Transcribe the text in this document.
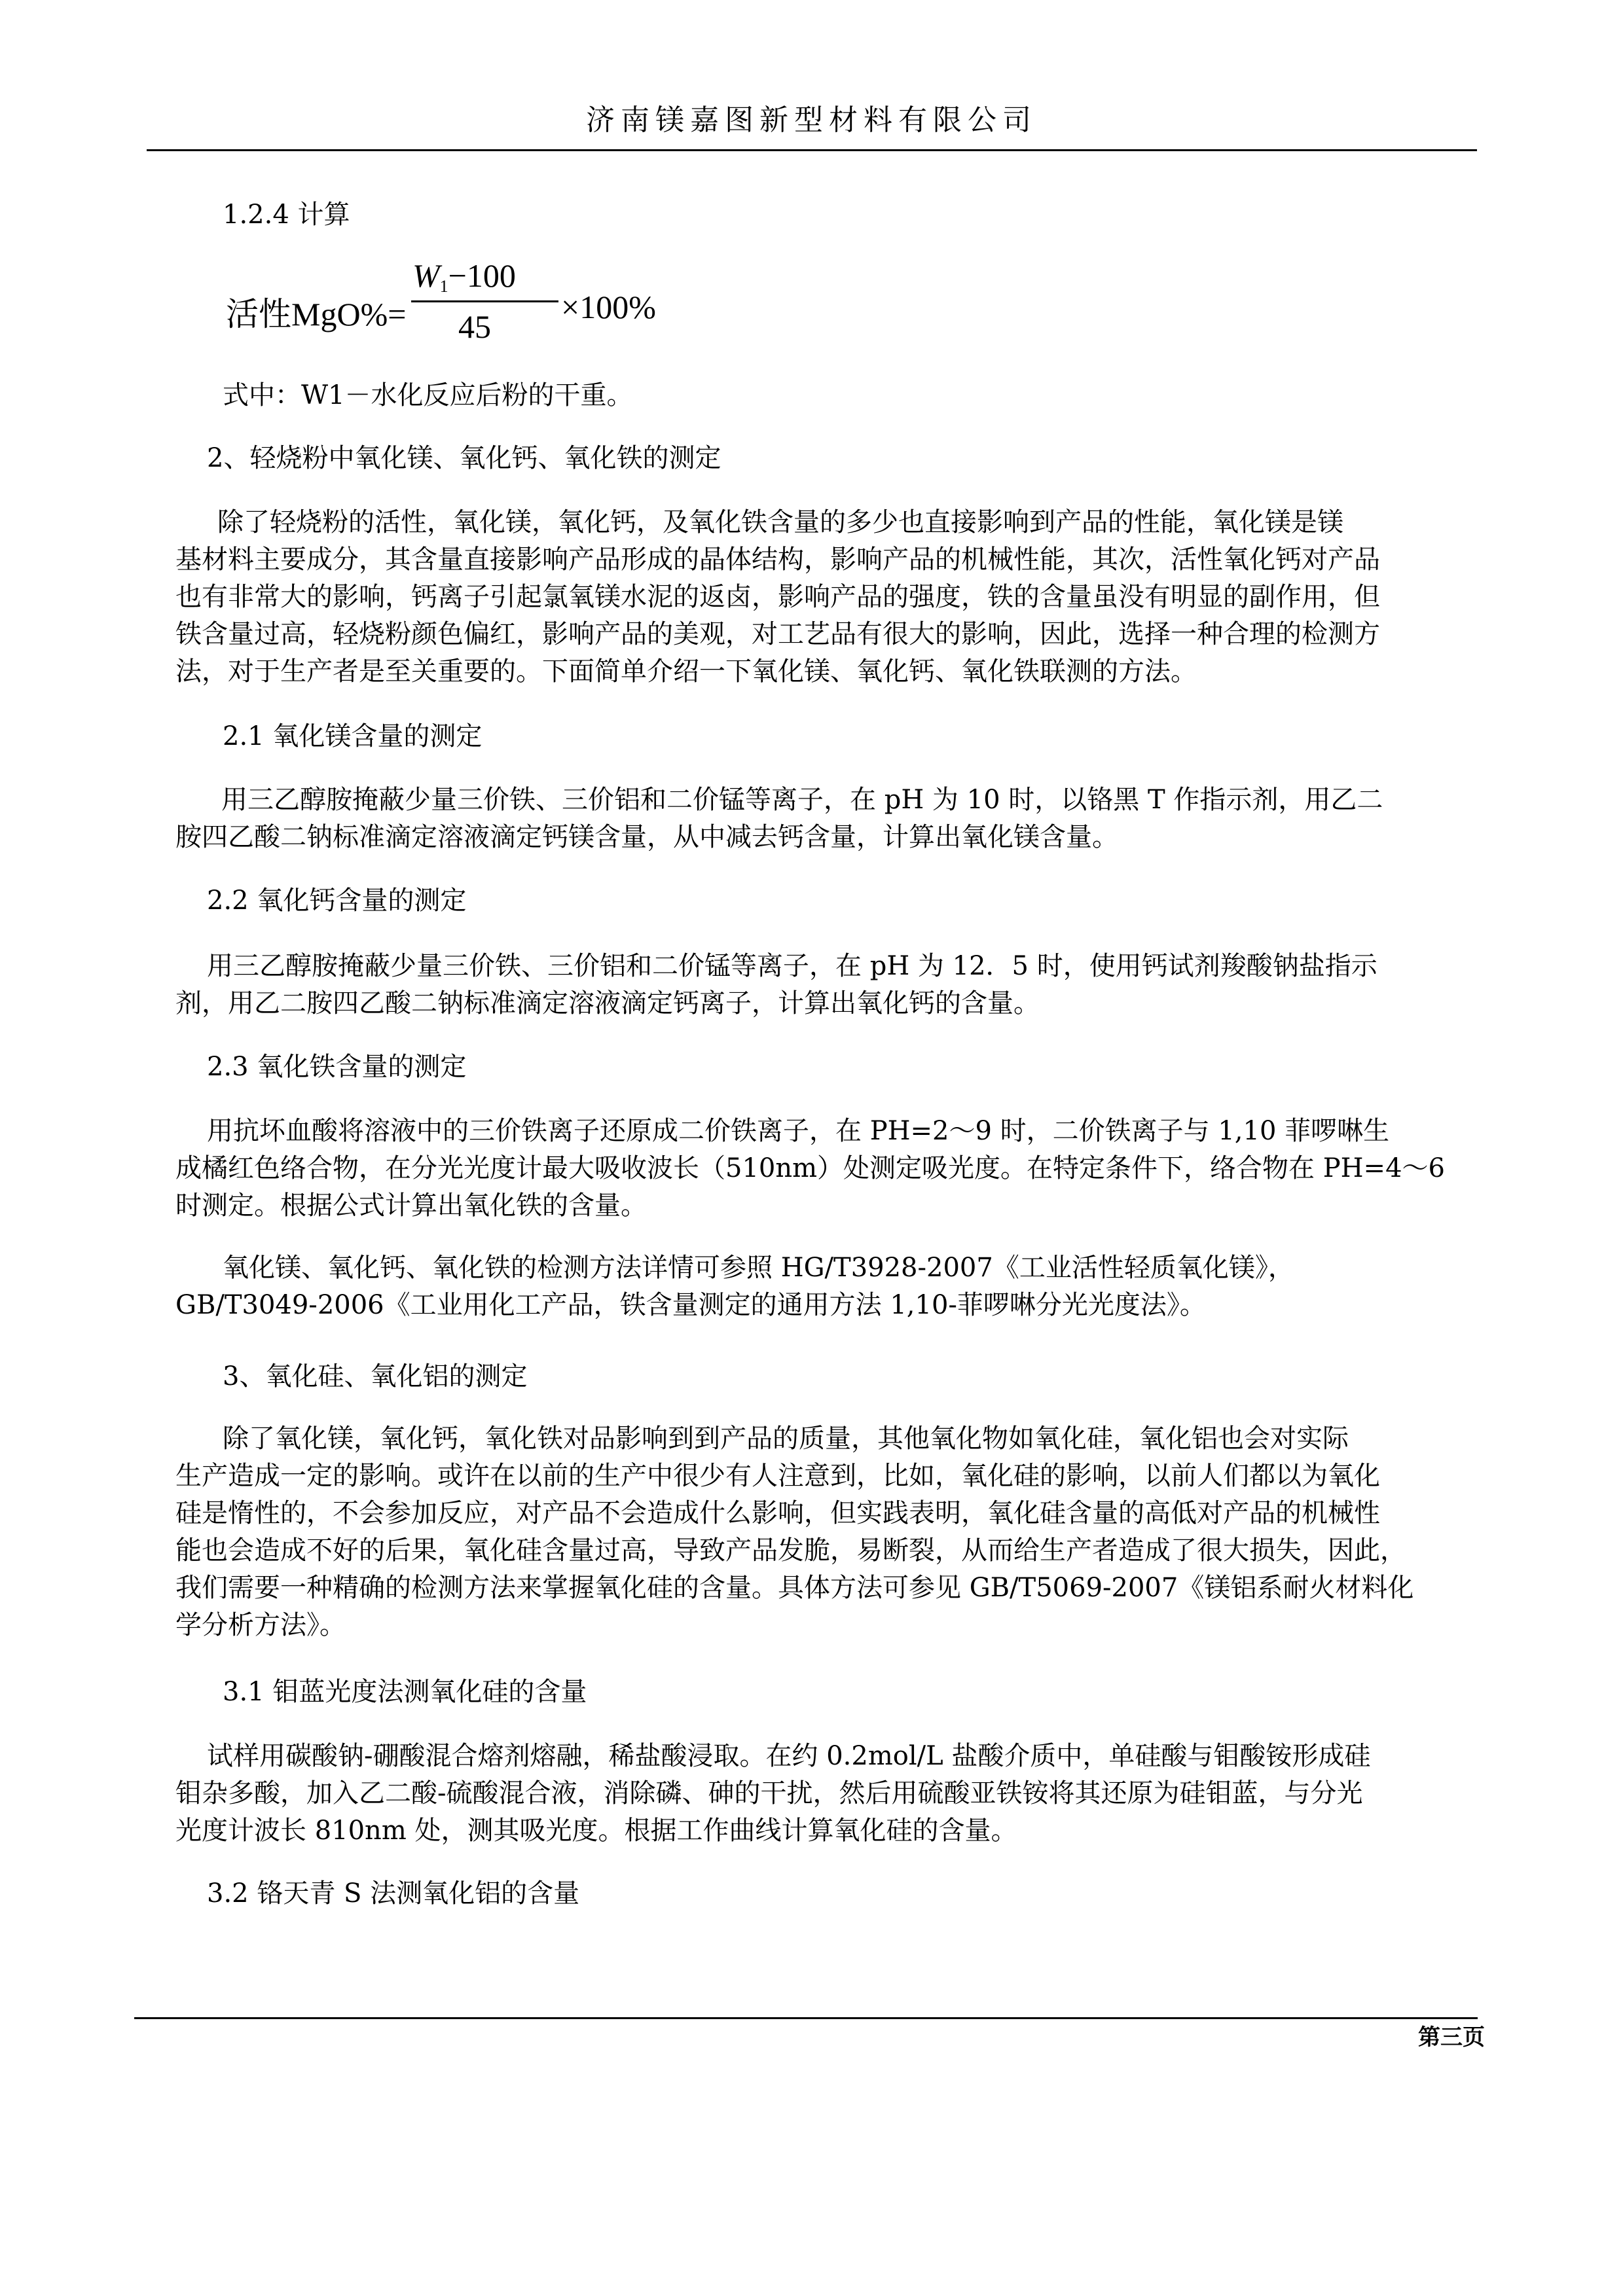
济南镁嘉图新型材料有限公司
1.2.4 计算
活性MgO%=
$W_1-100$
45
×100%
式中：W1－水化反应后粉的干重。
2、轻烧粉中氧化镁、氧化钙、氧化铁的测定
除了轻烧粉的活性，氧化镁，氧化钙，及氧化铁含量的多少也直接影响到产品的性能，氧化镁是镁
基材料主要成分，其含量直接影响产品形成的晶体结构，影响产品的机械性能，其次，活性氧化钙对产品
也有非常大的影响，钙离子引起氯氧镁水泥的返卤，影响产品的强度，铁的含量虽没有明显的副作用，但
铁含量过高，轻烧粉颜色偏红，影响产品的美观，对工艺品有很大的影响，因此，选择一种合理的检测方
法，对于生产者是至关重要的。下面简单介绍一下氧化镁、氧化钙、氧化铁联测的方法。
2.1 氧化镁含量的测定
用三乙醇胺掩蔽少量三价铁、三价铝和二价锰等离子，在 pH 为 10 时，以铬黑 T 作指示剂，用乙二
胺四乙酸二钠标准滴定溶液滴定钙镁含量，从中减去钙含量，计算出氧化镁含量。
2.2 氧化钙含量的测定
用三乙醇胺掩蔽少量三价铁、三价铝和二价锰等离子，在 pH 为 12．5 时，使用钙试剂羧酸钠盐指示
剂，用乙二胺四乙酸二钠标准滴定溶液滴定钙离子，计算出氧化钙的含量。
2.3 氧化铁含量的测定
用抗坏血酸将溶液中的三价铁离子还原成二价铁离子，在 PH=2～9 时，二价铁离子与 1,10 菲啰啉生
成橘红色络合物，在分光光度计最大吸收波长（510nm）处测定吸光度。在特定条件下，络合物在 PH=4～6
时测定。根据公式计算出氧化铁的含量。
氧化镁、氧化钙、氧化铁的检测方法详情可参照 HG/T3928-2007《工业活性轻质氧化镁》，
GB/T3049-2006《工业用化工产品，铁含量测定的通用方法 1,10-菲啰啉分光光度法》。
3、氧化硅、氧化铝的测定
除了氧化镁，氧化钙，氧化铁对品影响到到产品的质量，其他氧化物如氧化硅，氧化铝也会对实际
生产造成一定的影响。或许在以前的生产中很少有人注意到，比如，氧化硅的影响，以前人们都以为氧化
硅是惰性的，不会参加反应，对产品不会造成什么影响，但实践表明，氧化硅含量的高低对产品的机械性
能也会造成不好的后果，氧化硅含量过高，导致产品发脆，易断裂，从而给生产者造成了很大损失，因此，
我们需要一种精确的检测方法来掌握氧化硅的含量。具体方法可参见 GB/T5069-2007《镁铝系耐火材料化
学分析方法》。
3.1 钼蓝光度法测氧化硅的含量
试样用碳酸钠-硼酸混合熔剂熔融，稀盐酸浸取。在约 0.2mol/L 盐酸介质中，单硅酸与钼酸铵形成硅
钼杂多酸，加入乙二酸-硫酸混合液，消除磷、砷的干扰，然后用硫酸亚铁铵将其还原为硅钼蓝，与分光
光度计波长 810nm 处，测其吸光度。根据工作曲线计算氧化硅的含量。
3.2 铬天青 S 法测氧化铝的含量
第三页
